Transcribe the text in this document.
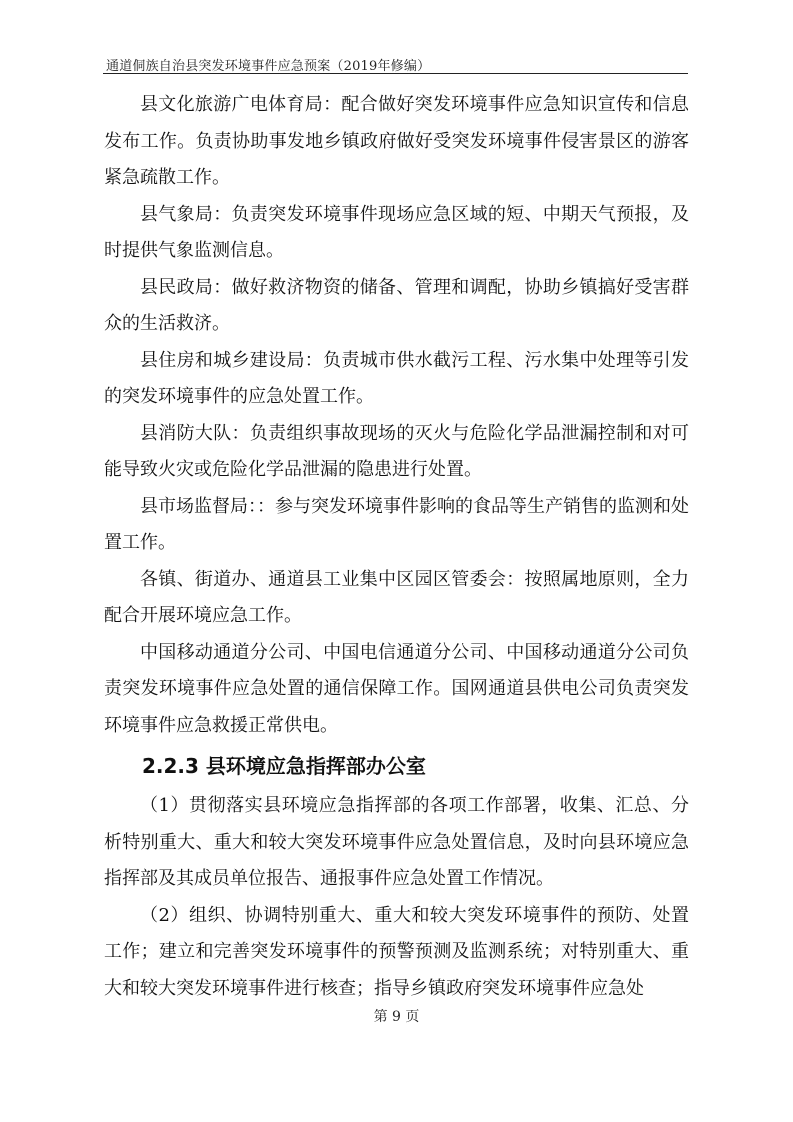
通道侗族自治县突发环境事件应急预案（2019年修编）

县文化旅游广电体育局：配合做好突发环境事件应急知识宣传和信息发布工作。负责协助事发地乡镇政府做好受突发环境事件侵害景区的游客紧急疏散工作。

县气象局：负责突发环境事件现场应急区域的短、中期天气预报，及时提供气象监测信息。

县民政局：做好救济物资的储备、管理和调配，协助乡镇搞好受害群众的生活救济。

县住房和城乡建设局：负责城市供水截污工程、污水集中处理等引发的突发环境事件的应急处置工作。

县消防大队：负责组织事故现场的灭火与危险化学品泄漏控制和对可能导致火灾或危险化学品泄漏的隐患进行处置。

县市场监督局：：参与突发环境事件影响的食品等生产销售的监测和处置工作。

各镇、街道办、通道县工业集中区园区管委会：按照属地原则，全力配合开展环境应急工作。

中国移动通道分公司、中国电信通道分公司、中国移动通道分公司负责突发环境事件应急处置的通信保障工作。国网通道县供电公司负责突发环境事件应急救援正常供电。

2.2.3 县环境应急指挥部办公室

（1）贯彻落实县环境应急指挥部的各项工作部署，收集、汇总、分析特别重大、重大和较大突发环境事件应急处置信息，及时向县环境应急指挥部及其成员单位报告、通报事件应急处置工作情况。

（2）组织、协调特别重大、重大和较大突发环境事件的预防、处置工作；建立和完善突发环境事件的预警预测及监测系统；对特别重大、重大和较大突发环境事件进行核查；指导乡镇政府突发环境事件应急处

第 9 页
